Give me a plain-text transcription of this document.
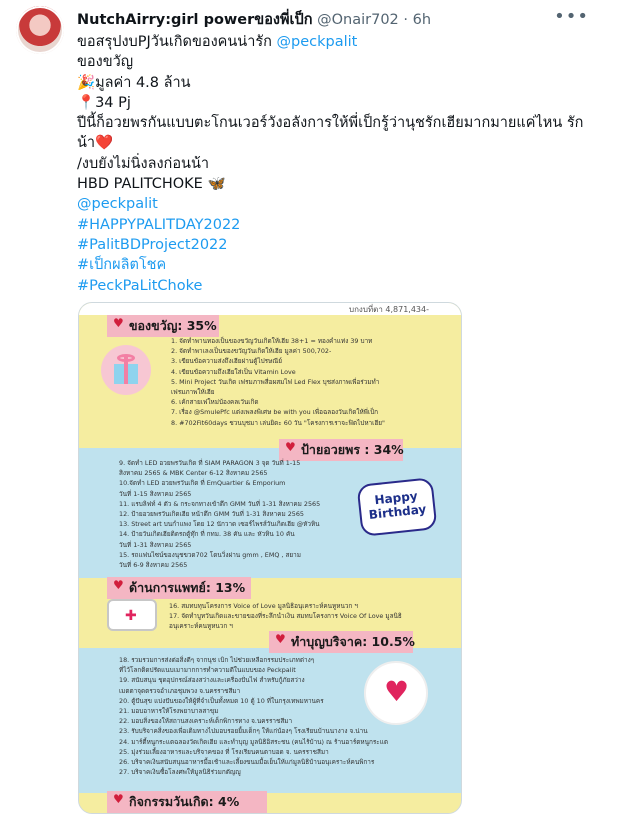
NutchAirry:girl powerของพี่เป็ก @Onair702 · 6h	•••
ขอสรุปงบPJวันเกิดของคนน่ารัก @peckpalit
ของขวัญ
🎉มูลค่า 4.8 ล้าน
📍34 Pj
ปีนี้ก็อวยพรกันแบบตะโกนเวอร์วังอลังการให้พี่เป็กรู้ว่านุชรักเฮียมากมายแค่ไหน รักน้า❤️
/งบยังไม่นิ่งลงก่อนน้า
HBD PALITCHOKE 🦋
@peckpalit
#HAPPYPALITDAY2022
#PalitBDProject2022
#เป็กผลิตโชค
#PeckPaLitChoke
บกงบที่ตา 4,871,434-
♥ ของขวัญ: 35%
1. จัดทำพานทองเป็นของขวัญวันเกิดให้เฮีย 38+1 = ทองคำแท่ง 39 บาท
2. จัดทำพาเลงเป็นของขวัญวันเกิดให้เฮีย มูลค่า 500,702-
3. เขียนข้อความส่งถึงเฮียผ่านตู้ไปรษณีย์
4. เขียนข้อความถึงเฮียใส่เป็น Vitamin Love
5. Mini Project วันเกิด เฟรมภาพสื่อผสมไฟ Led Flex บุชส่งภาพเพื่อร่วมทำ
เฟรมภาพให้เฮีย
6. เค้กสายเฟใหม่บ้องคลเวันเกิด
7. เรื่อง @SmulePfc แต่งเพลงพิเศษ be with you เพื่อฉลองวันเกิดให้พี่เป็ก
8. #702Fit60days ชวนบุชมา เล่นยิดะ 60 วัน "โครงการเราจะฟิตไปหาเฮีย"
♥ ป้ายอวยพร : 34%
9. จัดทำ LED อวยพรวันเกิด ที่ SIAM PARAGON 3 จุด วันที่ 1-15
สิงหาคม 2565 & MBK Center 6-12 สิงหาคม 2565
10.จัดทำ LED อวยพรวันเกิด ที่ EmQuartier & Emporium
วันที่ 1-15 สิงหาคม 2565
11. แรบลิฟท์ 4 ตัว & กระจกทางเข้าตึก GMM วันที่ 1-31 สิงหาคม 2565
12. ป้ายอวยพรวันเกิดเฮีย หน้าตึก GMM วันที่ 1-31 สิงหาคม 2565
13. Street art บนกำแพง โดย 12 นักวาด เซอร์ไพรส์วันเกิดเฮีย @หัวหิน
14. ป้ายวันเกิดเฮียติดรถตู้ทุ๊ก ที่ กทม. 38 คัน และ หัวหิน 10 คัน
วันที่ 1-31 สิงหาคม 2565
15. รถแฟนไซน์ของนุชขวด702 โดนวิ่งผ่าน gmm , EMQ , สยาม
วันที่ 6-9 สิงหาคม 2565
Happy
Birthday
♥ ด้านการแพทย์: 13%
✚
16. สมทบทุนโครงการ Voice of Love มูลนิธิอนุเคราะห์คนหูหนวก ฯ
17. จัดทำบูทวันเกิดและขายของที่ระลึกนำเงิน สมทบโครงการ Voice Of Love มูลนิธิ
อนุเคราะห์คนหูหนวก ฯ
♥ ทำบุญบริจาค: 10.5%
18. รวมรวมการส่งต่อสิ่งดีๆ จากนุช เบิก ไปช่วยเหลือกรรมประเภทต่างๆ
ที่ไว้โลกติดปรัดแนบเมามากการทำความดีในแบบของ Peckpalit
19. สนับสนุน ชุดอุปกรณ์ส่องสว่างและเครื่องปั่นไฟ สำหรับกู้ภัยสว่าง
เมตตาจุดตรวจอำเภอชุมพวง จ.นครราชสีมา
20. ตู้ปันสุข แบ่งปันของให้ผู้ที่จำเป็นทั้งหมด 10 ตู้ 10 ที่ในกรุงเทพมหานคร
21. มอบอาหารให้โรงพยาบาลสาขุม
22. มอบสิ่งของให้สถานสงเคราะห์เด็กพิการทาง จ.นครราชสีมา
23. รับบริจาคสิ่งของเพื่อเติมทางไปมอบรอยยิ้มเด็กๆ ให้แก่น้องๆ โรงเรียนบ้านนางาง จ.น่าน
24. มาร์ตี้หนูกระแตฉลองวัดเกิดเฮีย และทำบุญ มูลนิธิอิสระชน (คนไร้บ้าน) ณ ร้านอาร์ตหนูกระแต
25. มุ่งร่วมเลี้ยงอาหารและบริจาคของ ที่ โรงเรียนคนตาบอด จ. นครราชสีมา
26. บริจาคเงินสนับสนุนอาหารมื้อเช้าและเลี้ยงขนมมื้อเย็นให้แก่มูลนิธิบ้านอนุเคราะห์คนพิการ
27. บริจาคเงินซื้อโลงศพให้มูลนิธิร่วมกตัญญู
♥
♥ กิจกรรมวันเกิด: 4%
